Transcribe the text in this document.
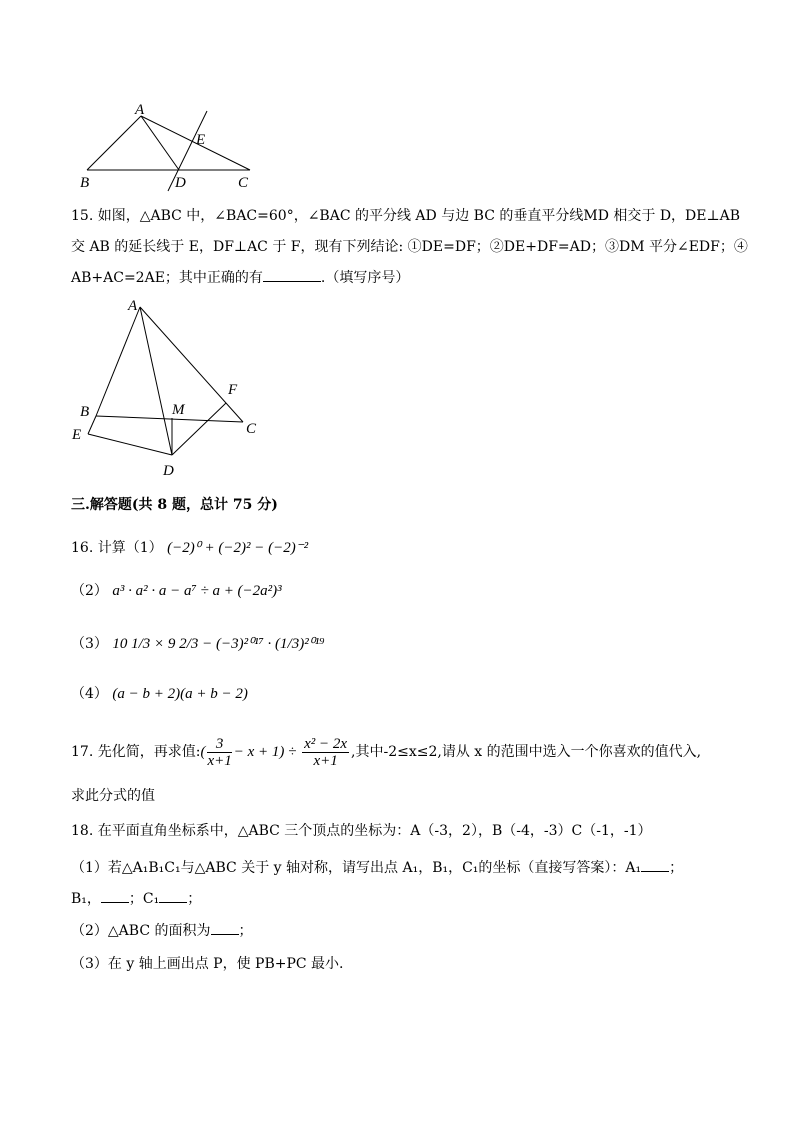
A
B	D	C
E
15. 如图，△ABC 中，∠BAC=60°，∠BAC 的平分线 AD 与边 BC 的垂直平分线MD 相交于 D，DE⊥AB
交 AB 的延长线于 E，DF⊥AC 于 F，现有下列结论: ①DE=DF；②DE+DF=AD；③DM 平分∠EDF；④
AB+AC=2AE；其中正确的有	.（填写序号）
A
B
E
M
F
C
D
三.解答题(共 8 题，总计 75 分)
16. 计算（1） (−2)⁰ + (−2)² − (−2)⁻²
（2） a³ · a² · a − a⁷ ÷ a + (−2a²)³
（3） 10 1/3 × 9 2/3 − (−3)²⁰¹⁷ · (1/3)²⁰¹⁹
（4） (a − b + 2)(a + b − 2)
17. 先化简，再求值:( $\frac{3}{x+1} - x + 1) \div \frac{\text{x² − 2x}}{x+1}$ ,其中-2≤x≤2,请从 x 的范围中选入一个你喜欢的值代入,
求此分式的值
18. 在平面直角坐标系中，△ABC 三个顶点的坐标为：A（-3，2），B（-4，-3）C（-1，-1）
（1）若△A₁B₁C₁与△ABC 关于 y 轴对称，请写出点 A₁，B₁，C₁的坐标（直接写答案）：A₁ ；
B₁， ；C₁ ；
（2）△ABC 的面积为 ；
（3）在 y 轴上画出点 P，使 PB+PC 最小.
